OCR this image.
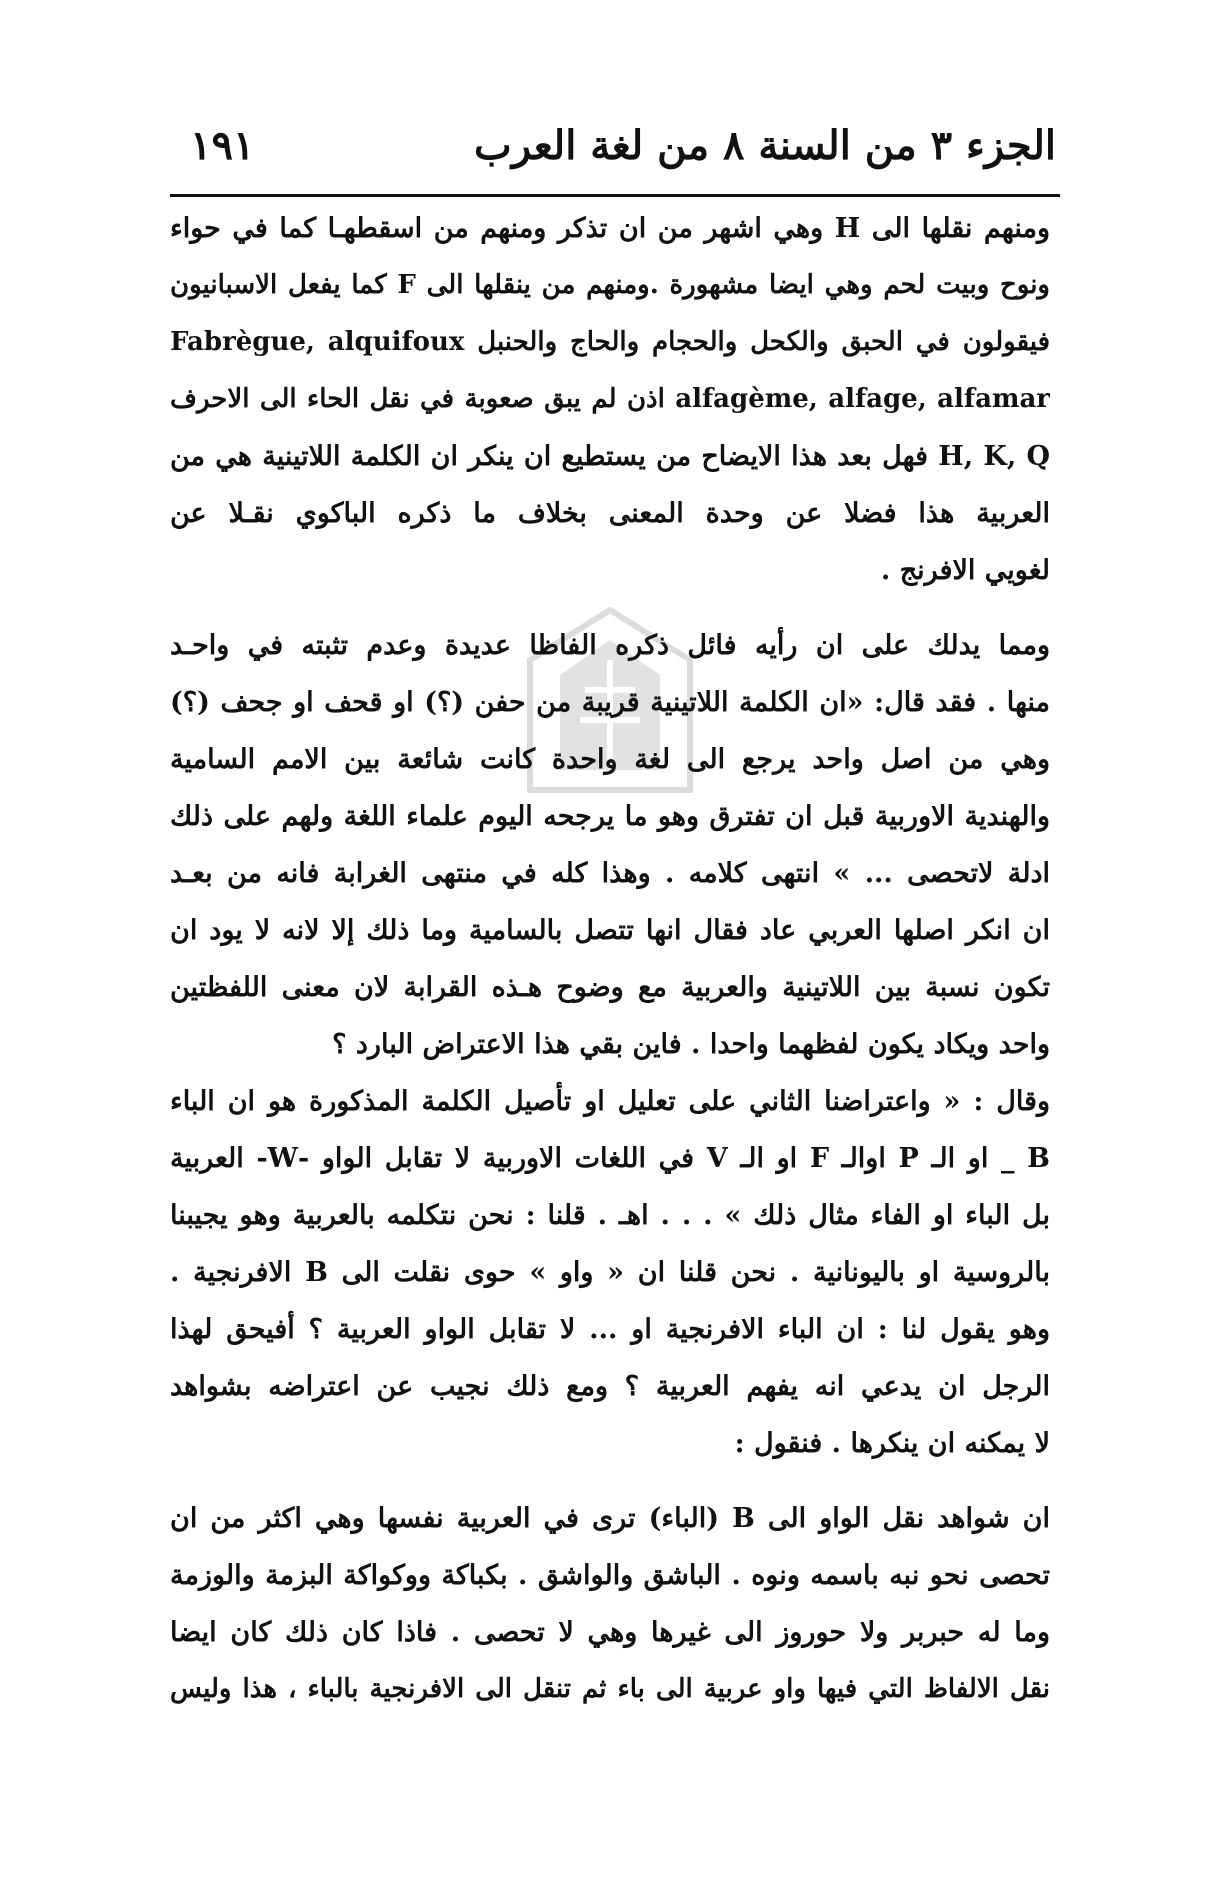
الجزء ٣ من السنة ٨ من لغة العرب
١٩١
ومنهم نقلها الى H وهي اشهر من ان تذكر ومنهم من اسقطهـا كما في حواء
ونوح وبيت لحم وهي ايضا مشهورة .ومنهم من ينقلها الى F كما يفعل الاسبانيون
فيقولون في الحبق والكحل والحجام والحاج والحنبل Fabrègue, alquifoux
alfagème, alfage, alfamar اذن لم يبق صعوبة في نقل الحاء الى الاحرف
H, K, Q فهل بعد هذا الايضاح من يستطيع ان ينكر ان الكلمة اللاتينية هي من
العربية هذا فضلا عن وحدة المعنى بخلاف ما ذكره الباكوي نقـلا عن
لغويي الافرنج .
ومما يدلك على ان رأيه فائل ذكره الفاظا عديدة وعدم تثبته في واحـد
منها . فقد قال: «ان الكلمة اللاتينية قريبة من حفن (؟) او قحف او جحف (؟)
وهي من اصل واحد يرجع الى لغة واحدة كانت شائعة بين الامم السامية
والهندية الاوربية قبل ان تفترق وهو ما يرجحه اليوم علماء اللغة ولهم على ذلك
ادلة لاتحصى ... » انتهى كلامه . وهذا كله في منتهى الغرابة فانه من بعـد
ان انكر اصلها العربي عاد فقال انها تتصل بالسامية وما ذلك إلا لانه لا يود ان
تكون نسبة بين اللاتينية والعربية مع وضوح هـذه القرابة لان معنى اللفظتين
واحد ويكاد يكون لفظهما واحدا . فاين بقي هذا الاعتراض البارد ؟
وقال : « واعتراضنا الثاني على تعليل او تأصيل الكلمة المذكورة هو ان الباء
B _ او الـ P اوالـ F او الـ V في اللغات الاوربية لا تقابل الواو -W- العربية
بل الباء او الفاء مثال ذلك » . . . اهـ . قلنا : نحن نتكلمه بالعربية وهو يجيبنا
بالروسية او باليونانية . نحن قلنا ان « واو » حوى نقلت الى B الافرنجية .
وهو يقول لنا : ان الباء الافرنجية او ... لا تقابل الواو العربية ؟ أفيحق لهذا
الرجل ان يدعي انه يفهم العربية ؟ ومع ذلك نجيب عن اعتراضه بشواهد
لا يمكنه ان ينكرها . فنقول :
ان شواهد نقل الواو الى B (الباء) ترى في العربية نفسها وهي اكثر من ان
تحصى نحو نبه باسمه ونوه . الباشق والواشق . بكباكة ووكواكة البزمة والوزمة
وما له حبربر ولا حوروز الى غيرها وهي لا تحصى . فاذا كان ذلك كان ايضا
نقل الالفاظ التي فيها واو عربية الى باء ثم تنقل الى الافرنجية بالباء ، هذا وليس
